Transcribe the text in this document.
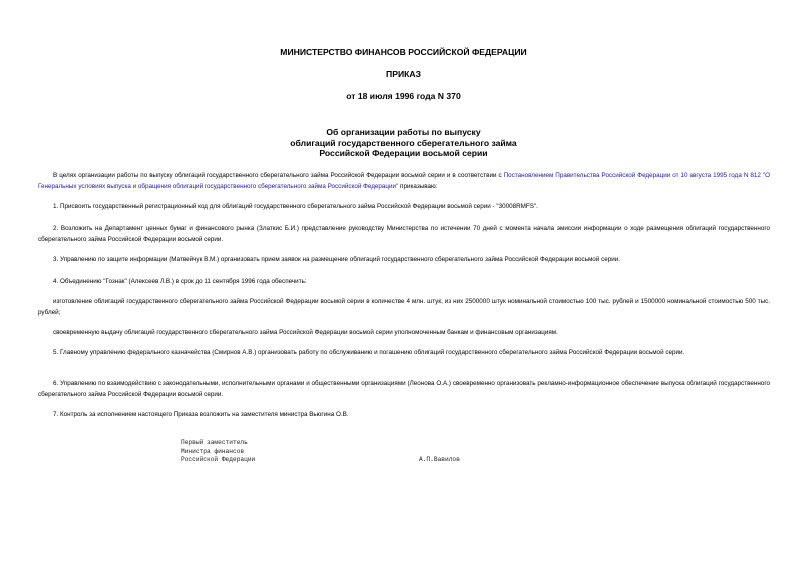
МИНИСТЕРСТВО ФИНАНСОВ РОССИЙСКОЙ ФЕДЕРАЦИИ
ПРИКАЗ
от 18 июля 1996 года N 370
Об организации работы по выпуску
облигаций государственного сберегательного займа
Российской Федерации восьмой серии

В целях организации работы по выпуску облигаций государственного сберегательного займа Российской Федерации восьмой серии и в соответствии с Постановлением Правительства Российской Федерации от 10 августа 1995 года N 812 "О Генеральных условиях выпуска и обращения облигаций государственного сберегательного займа Российской Федерации" приказываю:

1. Присвоить государственный регистрационный код для облигаций государственного сберегательного займа Российской Федерации восьмой серии - "30008RMFS".

2. Возложить на Департамент ценных бумаг и финансового рынка (Златкис Б.И.) представление руководству Министерства по истечении 70 дней с момента начала эмиссии информации о ходе размещения облигаций государственного сберегательного займа Российской Федерации восьмой серии.

3. Управлению по защите информации (Матвейчук В.М.) организовать прием заявок на размещение облигаций государственного сберегательного займа Российской Федерации восьмой серии.

4. Объединению "Гознак" (Алексеев Л.В.) в срок до 11 сентября 1996 года обеспечить:

изготовление облигаций государственного сберегательного займа Российской Федерации восьмой серии в количестве 4 млн. штук, из них 2500000 штук номинальной стоимостью 100 тыс. рублей и 1500000 номинальной стоимостью 500 тыс. рублей;

своевременную выдачу облигаций государственного сберегательного займа Российской Федерации восьмой серии уполномоченным банкам и финансовым организациям.

5. Главному управлению федерального казначейства (Смирнов А.В.) организовать работу по обслуживанию и погашению облигаций государственного сберегательного займа Российской Федерации восьмой серии.

6. Управлению по взаимодействию с законодательными, исполнительными органами и общественными организациями (Леонова О.А.) своевременно организовать рекламно-информационное обеспечение выпуска облигаций государственного сберегательного займа Российской Федерации восьмой серии.

7. Контроль за исполнением настоящего Приказа возложить на заместителя министра Вьюгина О.В.

Первый заместитель
Министра финансов
Российской Федерации	А.П.Вавилов
